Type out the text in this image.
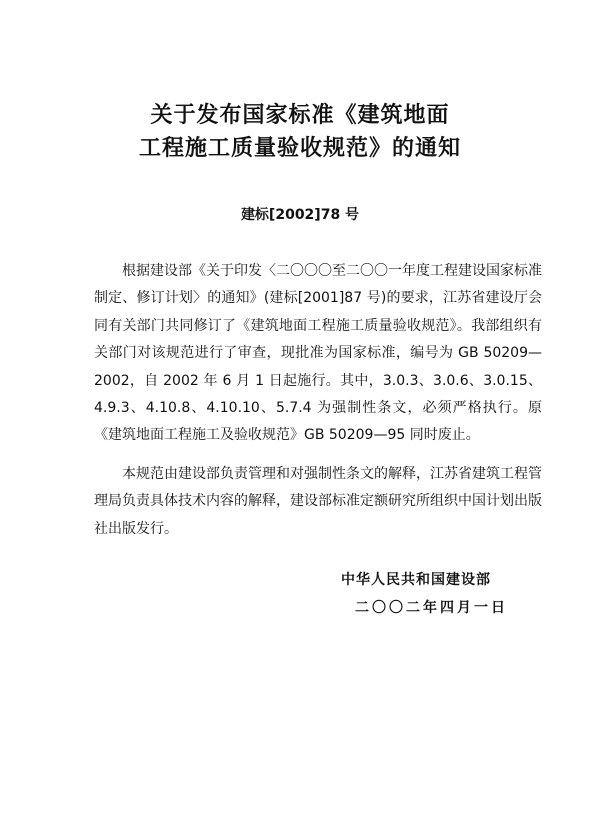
关于发布国家标准《建筑地面
工程施工质量验收规范》的通知
建标[2002]78 号

根据建设部《关于印发〈二〇〇〇至二〇〇一年度工程建设国家标准制定、修订计划〉的通知》(建标[2001]87 号)的要求，江苏省建设厅会同有关部门共同修订了《建筑地面工程施工质量验收规范》。我部组织有关部门对该规范进行了审查，现批准为国家标准，编号为 GB 50209—2002，自 2002 年 6 月 1 日起施行。其中，3.0.3、3.0.6、3.0.15、4.9.3、4.10.8、4.10.10、5.7.4 为强制性条文，必须严格执行。原《建筑地面工程施工及验收规范》GB 50209—95 同时废止。

本规范由建设部负责管理和对强制性条文的解释，江苏省建筑工程管理局负责具体技术内容的解释，建设部标准定额研究所组织中国计划出版社出版发行。

中华人民共和国建设部
二〇〇二年四月一日
